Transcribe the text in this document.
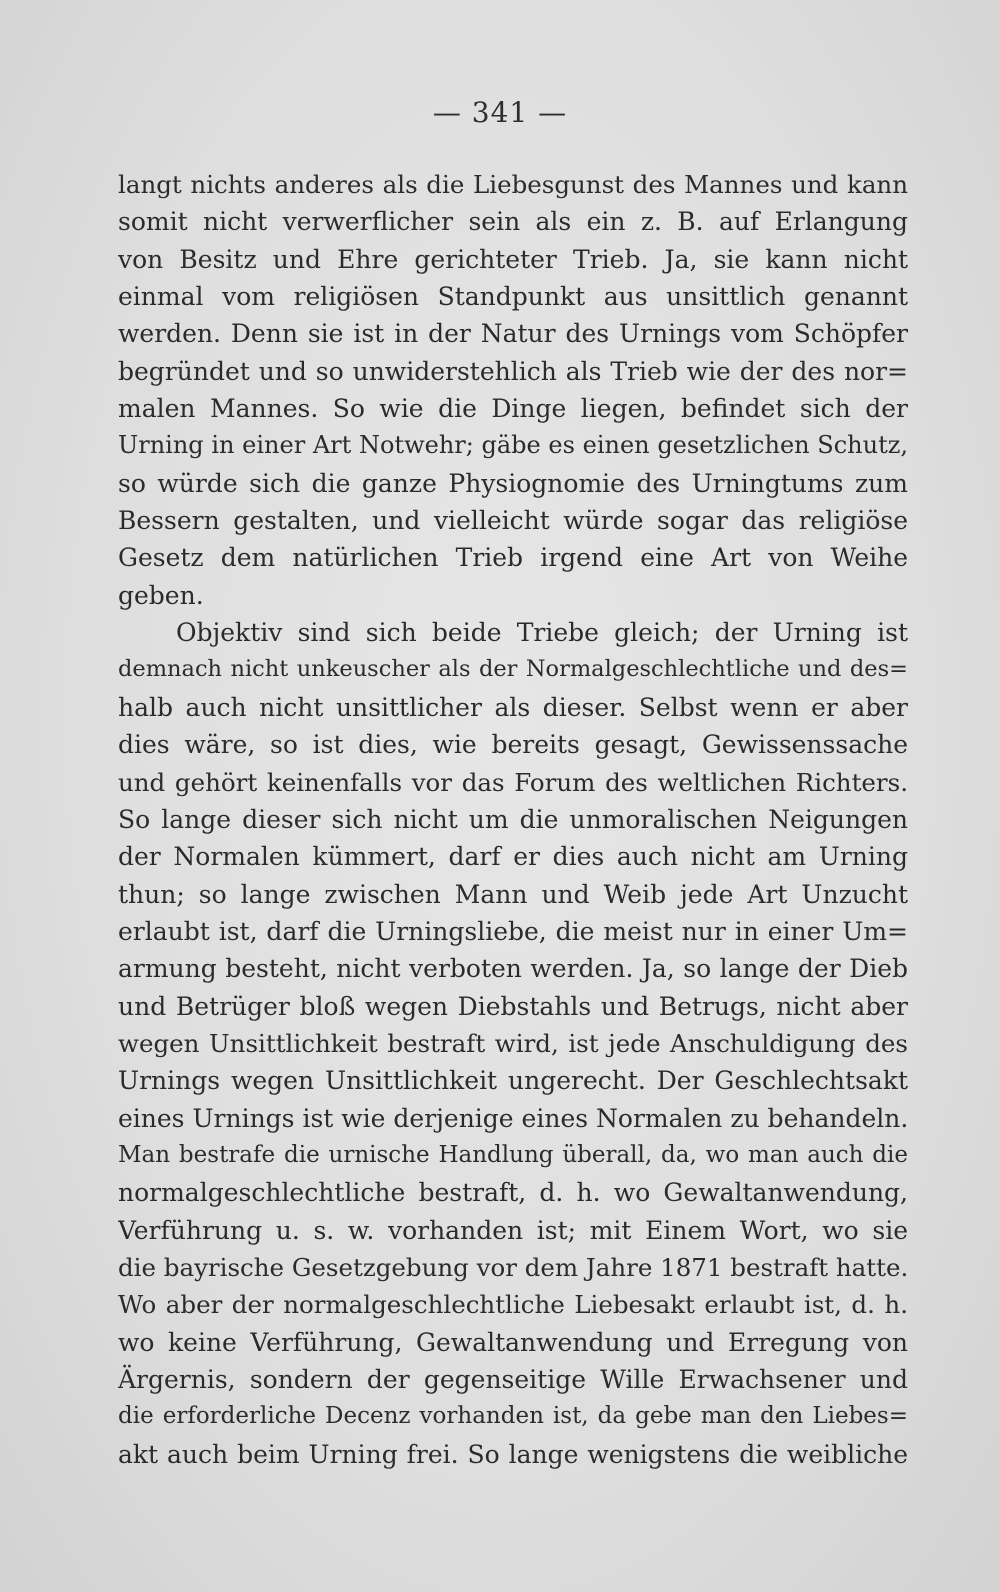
— 341 —
langt nichts anderes als die Liebesgunst des Mannes und kann
somit nicht verwerflicher sein als ein z. B. auf Erlangung
von Besitz und Ehre gerichteter Trieb. Ja, sie kann nicht
einmal vom religiösen Standpunkt aus unsittlich genannt
werden. Denn sie ist in der Natur des Urnings vom Schöpfer
begründet und so unwiderstehlich als Trieb wie der des nor=
malen Mannes. So wie die Dinge liegen, befindet sich der
Urning in einer Art Notwehr; gäbe es einen gesetzlichen Schutz,
so würde sich die ganze Physiognomie des Urningtums zum
Bessern gestalten, und vielleicht würde sogar das religiöse
Gesetz dem natürlichen Trieb irgend eine Art von Weihe
geben.
Objektiv sind sich beide Triebe gleich; der Urning ist
demnach nicht unkeuscher als der Normalgeschlechtliche und des=
halb auch nicht unsittlicher als dieser. Selbst wenn er aber
dies wäre, so ist dies, wie bereits gesagt, Gewissenssache
und gehört keinenfalls vor das Forum des weltlichen Richters.
So lange dieser sich nicht um die unmoralischen Neigungen
der Normalen kümmert, darf er dies auch nicht am Urning
thun; so lange zwischen Mann und Weib jede Art Unzucht
erlaubt ist, darf die Urningsliebe, die meist nur in einer Um=
armung besteht, nicht verboten werden. Ja, so lange der Dieb
und Betrüger bloß wegen Diebstahls und Betrugs, nicht aber
wegen Unsittlichkeit bestraft wird, ist jede Anschuldigung des
Urnings wegen Unsittlichkeit ungerecht. Der Geschlechtsakt
eines Urnings ist wie derjenige eines Normalen zu behandeln.
Man bestrafe die urnische Handlung überall, da, wo man auch die
normalgeschlechtliche bestraft, d. h. wo Gewaltanwendung,
Verführung u. s. w. vorhanden ist; mit Einem Wort, wo sie
die bayrische Gesetzgebung vor dem Jahre 1871 bestraft hatte.
Wo aber der normalgeschlechtliche Liebesakt erlaubt ist, d. h.
wo keine Verführung, Gewaltanwendung und Erregung von
Ärgernis, sondern der gegenseitige Wille Erwachsener und
die erforderliche Decenz vorhanden ist, da gebe man den Liebes=
akt auch beim Urning frei. So lange wenigstens die weibliche
